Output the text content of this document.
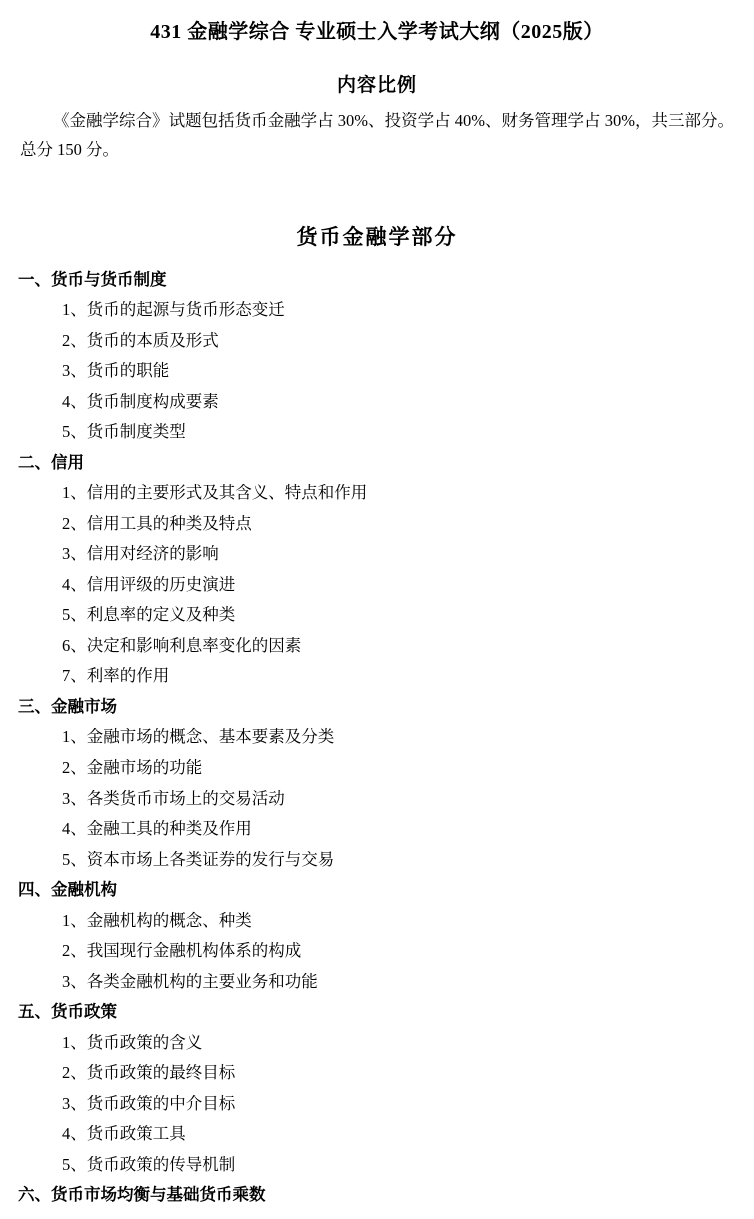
431 金融学综合 专业硕士入学考试大纲（2025版）
内容比例
《金融学综合》试题包括货币金融学占 30%、投资学占 40%、财务管理学占 30%，共三部分。总分 150 分。
货币金融学部分
一、货币与货币制度
1、货币的起源与货币形态变迁
2、货币的本质及形式
3、货币的职能
4、货币制度构成要素
5、货币制度类型
二、信用
1、信用的主要形式及其含义、特点和作用
2、信用工具的种类及特点
3、信用对经济的影响
4、信用评级的历史演进
5、利息率的定义及种类
6、决定和影响利息率变化的因素
7、利率的作用
三、金融市场
1、金融市场的概念、基本要素及分类
2、金融市场的功能
3、各类货币市场上的交易活动
4、金融工具的种类及作用
5、资本市场上各类证券的发行与交易
四、金融机构
1、金融机构的概念、种类
2、我国现行金融机构体系的构成
3、各类金融机构的主要业务和功能
五、货币政策
1、货币政策的含义
2、货币政策的最终目标
3、货币政策的中介目标
4、货币政策工具
5、货币政策的传导机制
六、货币市场均衡与基础货币乘数
